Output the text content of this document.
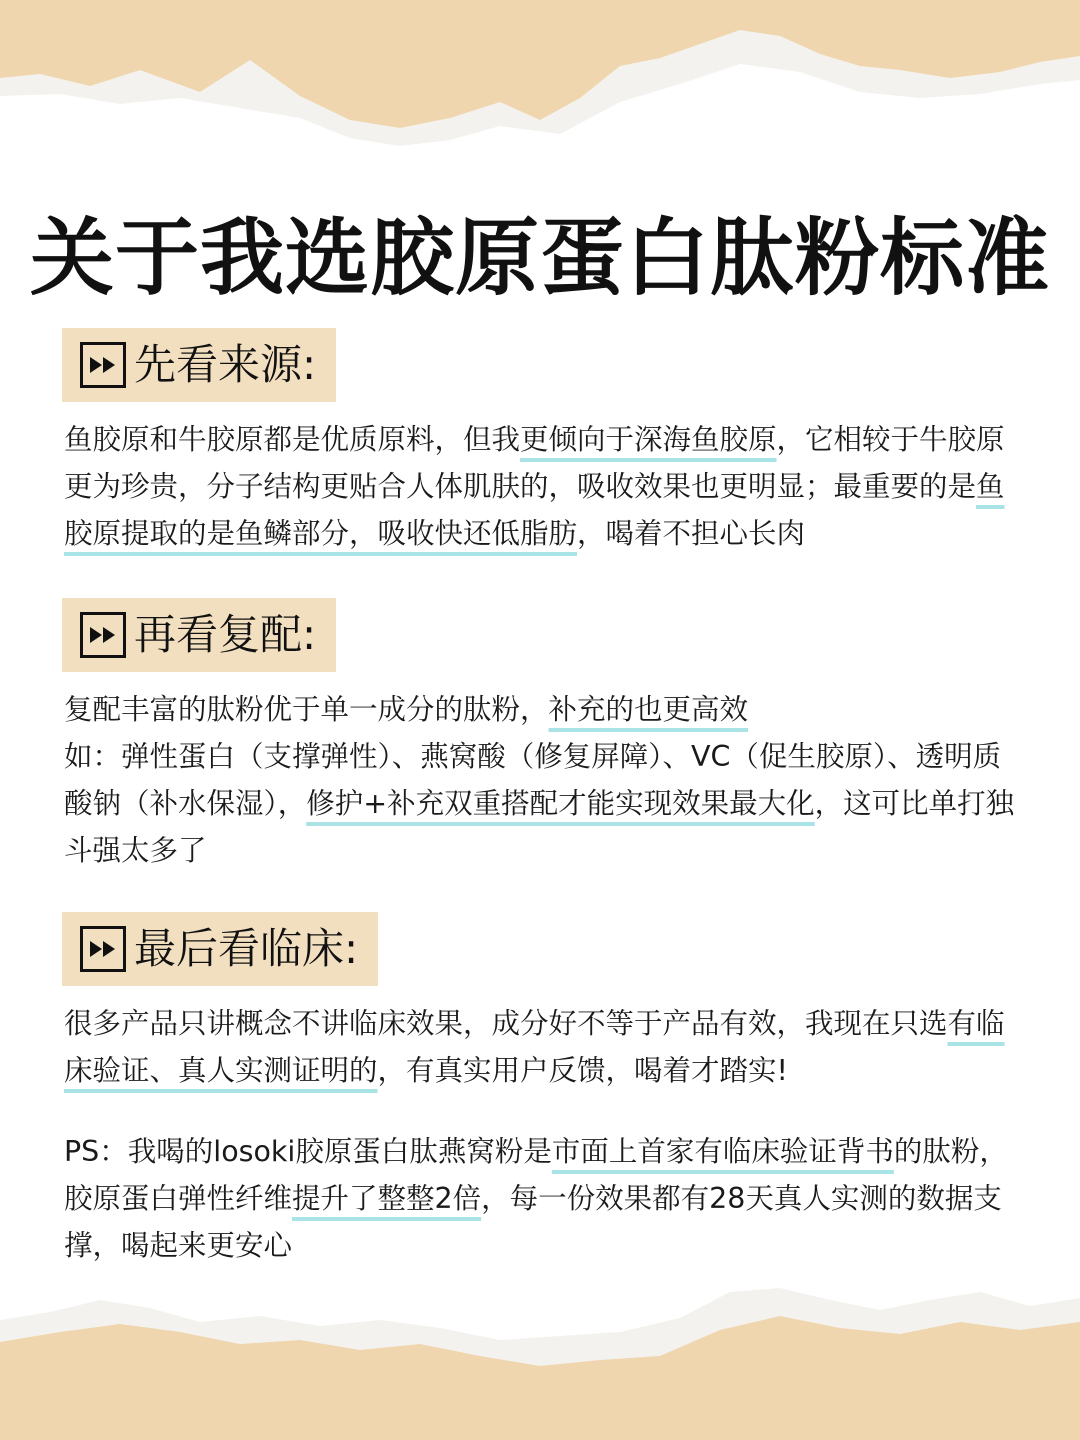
关于我选胶原蛋白肽粉标准
先看来源:

鱼胶原和牛胶原都是优质原料，但我更倾向于深海鱼胶原，它相较于牛胶原更为珍贵，分子结构更贴合人体肌肤的，吸收效果也更明显；最重要的是鱼胶原提取的是鱼鳞部分，吸收快还低脂肪，喝着不担心长肉

再看复配:

复配丰富的肽粉优于单一成分的肽粉，补充的也更高效
如：弹性蛋白（支撑弹性）、燕窝酸（修复屏障）、VC（促生胶原）、透明质酸钠（补水保湿），修护+补充双重搭配才能实现效果最大化，这可比单打独斗强太多了

最后看临床:

很多产品只讲概念不讲临床效果，成分好不等于产品有效，我现在只选有临床验证、真人实测证明的，有真实用户反馈，喝着才踏实!

PS：我喝的losoki胶原蛋白肽燕窝粉是市面上首家有临床验证背书的肽粉，胶原蛋白弹性纤维提升了整整2倍，每一份效果都有28天真人实测的数据支撑，喝起来更安心
